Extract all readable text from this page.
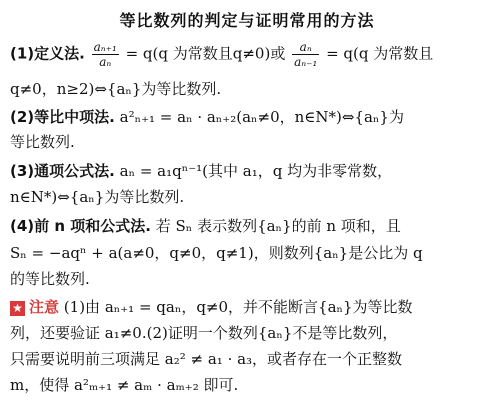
等比数列的判定与证明常用的方法
(1)定义法. $\frac{\text{aₙ₊₁}}{\text{aₙ}} = q(q$ 为常数且q≠0)或 $\frac{\text{aₙ}}{\text{aₙ₋₁}} = q(q$ 为常数且
q≠0，n≥2)⇔{aₙ}为等比数列.
(2)等比中项法. a²ₙ₊₁ = aₙ · aₙ₊₂(aₙ≠0，n∈N*)⇔{aₙ}为
等比数列.
(3)通项公式法. aₙ = a₁qⁿ⁻¹(其中 a₁，q 均为非零常数，
n∈N*)⇔{aₙ}为等比数列.
(4)前 n 项和公式法. 若 Sₙ 表示数列{aₙ}的前 n 项和，且
Sₙ = −aqⁿ + a(a≠0，q≠0，q≠1)，则数列{aₙ}是公比为 q
的等比数列.
★ 注意 (1)由 aₙ₊₁ = qaₙ，q≠0，并不能断言{aₙ}为等比数
列，还要验证 a₁≠0.(2)证明一个数列{aₙ}不是等比数列，
只需要说明前三项满足 a₂² ≠ a₁ · a₃，或者存在一个正整数
m，使得 a²ₘ₊₁ ≠ aₘ · aₘ₊₂ 即可.
